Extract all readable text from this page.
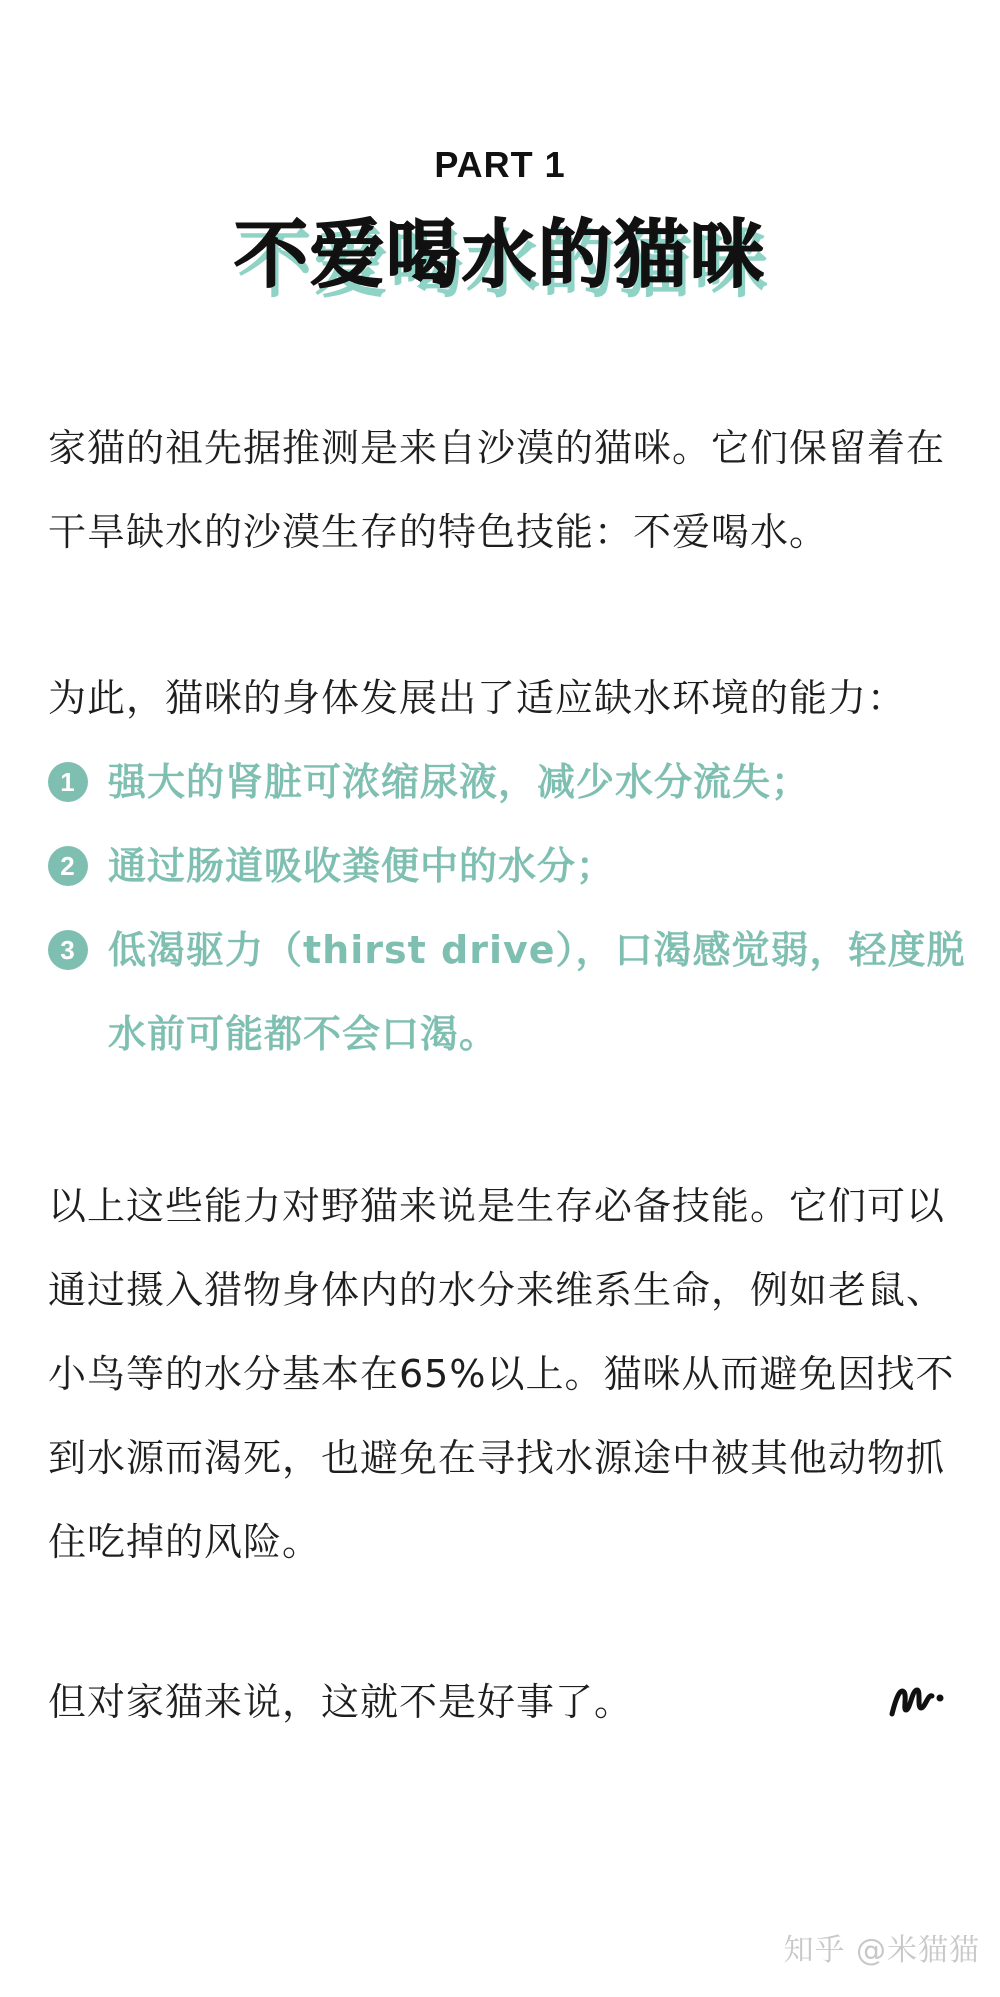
PART 1
不爱喝水的猫咪
家猫的祖先据推测是来自沙漠的猫咪。它们保留着在干旱缺水的沙漠生存的特色技能：不爱喝水。
为此，猫咪的身体发展出了适应缺水环境的能力：
1 强大的肾脏可浓缩尿液，减少水分流失；
2 通过肠道吸收粪便中的水分；
3 低渴驱力（thirst drive），口渴感觉弱，轻度脱水前可能都不会口渴。
以上这些能力对野猫来说是生存必备技能。它们可以通过摄入猎物身体内的水分来维系生命，例如老鼠、小鸟等的水分基本在65%以上。猫咪从而避免因找不到水源而渴死，也避免在寻找水源途中被其他动物抓住吃掉的风险。
但对家猫来说，这就不是好事了。
知乎 @米猫猫
